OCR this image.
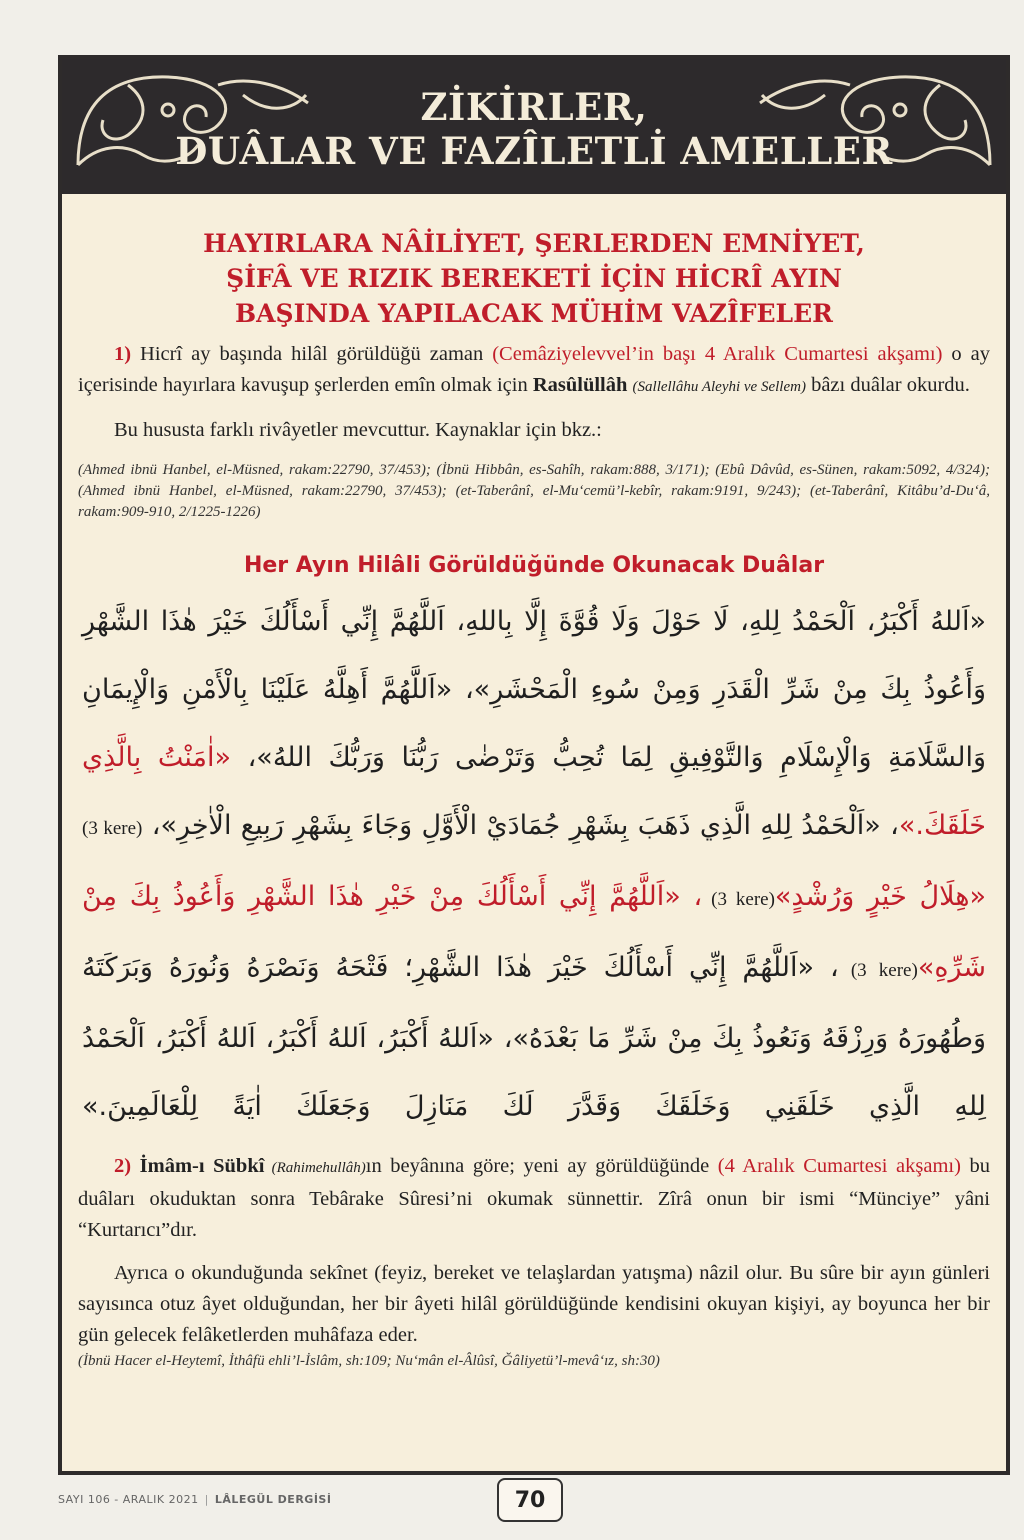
ZİKİRLER,
DUÂLAR VE FAZÎLETLİ AMELLER
HAYIRLARA NÂİLİYET, ŞERLERDEN EMNİYET,
ŞİFÂ VE RIZIK BEREKETİ İÇİN HİCRÎ AYIN
BAŞINDA YAPILACAK MÜHİM VAZÎFELER

1) Hicrî ay başında hilâl görüldüğü zaman (Cemâziyelevvel’in başı 4 Aralık Cumartesi akşamı) o ay içerisinde hayırlara kavuşup şerlerden emîn olmak için Rasûlüllâh (Sallellâhu Aleyhi ve Sellem) bâzı duâlar okurdu.

Bu hususta farklı rivâyetler mevcuttur. Kaynaklar için bkz.:

(Ahmed ibnü Hanbel, el-Müsned, rakam:22790, 37/453); (İbnü Hibbân, es-Sahîh, rakam:888, 3/171); (Ebû Dâvûd, es-Sünen, rakam:5092, 4/324); (Ahmed ibnü Hanbel, el-Müsned, rakam:22790, 37/453); (et-Taberânî, el-Mu‘cemü’l-kebîr, rakam:9191, 9/243); (et-Taberânî, Kitâbu’d-Du‘â, rakam:909-910, 2/1225-1226)

Her Ayın Hilâli Görüldüğünde Okunacak Duâlar

«اَللهُ أَكْبَرُ، اَلْحَمْدُ لِلهِ، لَا حَوْلَ وَلَا قُوَّةَ إِلَّا بِاللهِ، اَللَّهُمَّ إِنِّي أَسْأَلُكَ خَيْرَ هٰذَا الشَّهْرِ وَأَعُوذُ بِكَ مِنْ شَرِّ الْقَدَرِ وَمِنْ سُوءِ الْمَحْشَرِ»، «اَللَّهُمَّ أَهِلَّهُ عَلَيْنَا بِالْأَمْنِ وَالْإِيمَانِ وَالسَّلَامَةِ وَالْإِسْلَامِ وَالتَّوْفِيقِ لِمَا تُحِبُّ وَتَرْضٰى رَبُّنَا وَرَبُّكَ اللهُ»، «اٰمَنْتُ بِالَّذِي خَلَقَكَ.»، «اَلْحَمْدُ لِلهِ الَّذِي ذَهَبَ بِشَهْرِ جُمَادَيْ الْأَوَّلِ وَجَاءَ بِشَهْرِ رَبِيعِ الْاٰخِرِ»، (3 kere) «هِلَالُ خَيْرٍ وَرُشْدٍ» (3 kere)، «اَللَّهُمَّ إِنِّي أَسْأَلُكَ مِنْ خَيْرِ هٰذَا الشَّهْرِ وَأَعُوذُ بِكَ مِنْ شَرِّهِ» (3 kere)، «اَللَّهُمَّ إِنِّي أَسْأَلُكَ خَيْرَ هٰذَا الشَّهْرِ؛ فَتْحَهُ وَنَصْرَهُ وَنُورَهُ وَبَرَكَتَهُ وَطُهُورَهُ وَرِزْقَهُ وَنَعُوذُ بِكَ مِنْ شَرِّ مَا بَعْدَهُ»، «اَللهُ أَكْبَرُ، اَللهُ أَكْبَرُ، اَللهُ أَكْبَرُ، اَلْحَمْدُ لِلهِ الَّذِي خَلَقَنِي وَخَلَقَكَ وَقَدَّرَ لَكَ مَنَازِلَ وَجَعَلَكَ اٰيَةً لِلْعَالَمِينَ.»

2) İmâm-ı Sübkî (Rahimehullâh)ın beyânına göre; yeni ay görüldüğünde (4 Aralık Cumartesi akşamı) bu duâları okuduktan sonra Tebârake Sûresi’ni okumak sünnettir. Zîrâ onun bir ismi “Münciye” yâni “Kurtarıcı”dır.

Ayrıca o okunduğunda sekînet (feyiz, bereket ve telaşlardan yatışma) nâzil olur. Bu sûre bir ayın günleri sayısınca otuz âyet olduğundan, her bir âyeti hilâl görüldüğünde kendisini okuyan kişiyi, ay boyunca her bir gün gelecek felâketlerden muhâfaza eder.

(İbnü Hacer el-Heytemî, İthâfü ehli’l-İslâm, sh:109; Nu‘mân el-Âlûsî, Ğâliyetü’l-mevâ‘ız, sh:30)

SAYI 106 - ARALIK 2021 | LÂLEGÜL DERGİSİ	70
